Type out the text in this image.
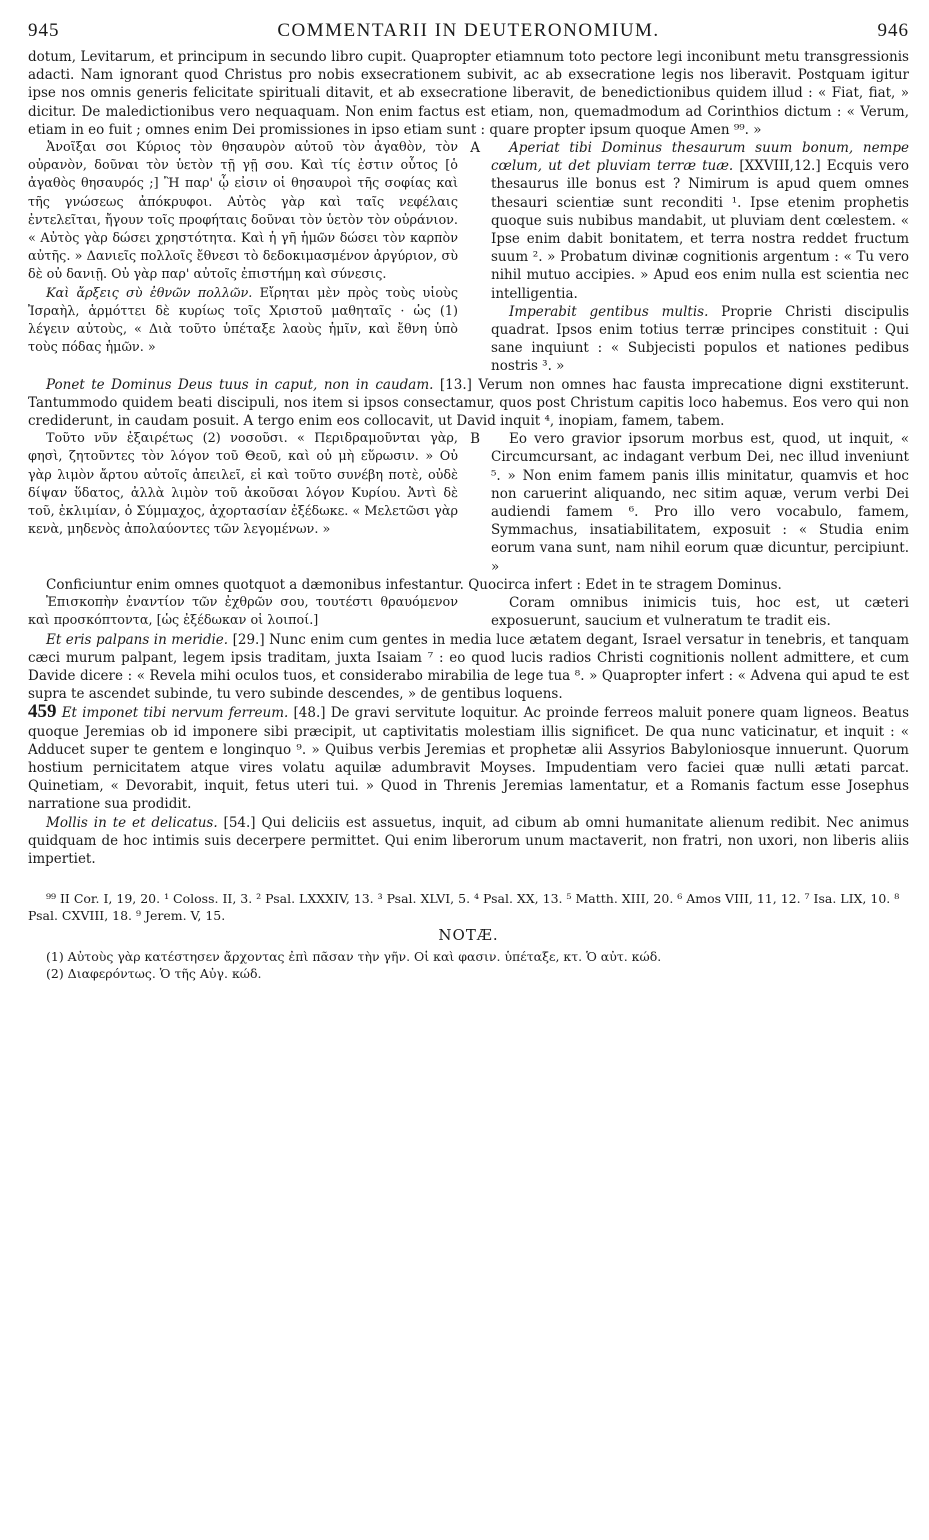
945	COMMENTARII IN DEUTERONOMIUM.	946

dotum, Levitarum, et principum in secundo libro cupit. Quapropter etiamnum toto pectore legi inconibunt metu transgressionis adacti. Nam ignorant quod Christus pro nobis exsecrationem subivit, ac ab exsecratione legis nos liberavit. Postquam igitur ipse nos omnis generis felicitate spirituali ditavit, et ab exsecratione liberavit, de benedictionibus quidem illud : « Fiat, fiat, » dicitur. De maledictionibus vero nequaquam. Non enim factus est etiam, non, quemadmodum ad Corinthios dictum : « Verum, etiam in eo fuit ; omnes enim Dei promissiones in ipso etiam sunt : quare propter ipsum quoque Amen ⁹⁹. »

A

Ἀνοῖξαι σοι Κύριος τὸν θησαυρὸν αὐτοῦ τὸν ἀγαθὸν, τὸν οὐρανὸν, δοῦναι τὸν ὑετὸν τῇ γῇ σου. Καὶ τίς ἐστιν οὗτος [ὁ ἀγαθὸς θησαυρός ;] Ἢ παρ' ᾧ εἰσιν οἱ θησαυροὶ τῆς σοφίας καὶ τῆς γνώσεως ἀπόκρυφοι. Αὐτὸς γὰρ καὶ ταῖς νεφέλαις ἐντελεῖται, ἤγουν τοῖς προφήταις δοῦναι τὸν ὑετὸν τὸν οὐράνιον. « Αὐτὸς γὰρ δώσει χρηστότητα. Καὶ ἡ γῆ ἡμῶν δώσει τὸν καρπὸν αὐτῆς. » Δανιεῖς πολλοῖς ἔθνεσι τὸ δεδοκιμασμένον ἀργύριον, σὺ δὲ οὐ δανιῇ. Οὐ γὰρ παρ' αὐτοῖς ἐπιστήμη καὶ σύνεσις.

Καὶ ἄρξεις σὺ ἐθνῶν πολλῶν. Εἴρηται μὲν πρὸς τοὺς υἱοὺς Ἰσραὴλ, ἁρμόττει δὲ κυρίως τοῖς Χριστοῦ μαθηταῖς · ὡς (1) λέγειν αὐτοὺς, « Διὰ τοῦτο ὑπέταξε λαοὺς ἡμῖν, καὶ ἔθνη ὑπὸ τοὺς πόδας ἡμῶν. »

Aperiat tibi Dominus thesaurum suum bonum, nempe cœlum, ut det pluviam terræ tuæ. [XXVIII,12.] Ecquis vero thesaurus ille bonus est ? Nimirum is apud quem omnes thesauri scientiæ sunt reconditi ¹. Ipse etenim prophetis quoque suis nubibus mandabit, ut pluviam dent cœlestem. « Ipse enim dabit bonitatem, et terra nostra reddet fructum suum ². » Probatum divinæ cognitionis argentum : « Tu vero nihil mutuo accipies. » Apud eos enim nulla est scientia nec intelligentia.

Imperabit gentibus multis. Proprie Christi discipulis quadrat. Ipsos enim totius terræ principes constituit : Qui sane inquiunt : « Subjecisti populos et nationes pedibus nostris ³. »

Ponet te Dominus Deus tuus in caput, non in caudam. [13.] Verum non omnes hac fausta imprecatione digni exstiterunt. Tantummodo quidem beati discipuli, nos item si ipsos consectamur, quos post Christum capitis loco habemus. Eos vero qui non crediderunt, in caudam posuit. A tergo enim eos collocavit, ut David inquit ⁴, inopiam, famem, tabem.

B

Τοῦτο νῦν ἐξαιρέτως (2) νοσοῦσι. « Περιδραμοῦνται γὰρ, φησὶ, ζητοῦντες τὸν λόγον τοῦ Θεοῦ, καὶ οὐ μὴ εὕρωσιν. » Οὐ γὰρ λιμὸν ἄρτου αὐτοῖς ἀπειλεῖ, εἰ καὶ τοῦτο συνέβη ποτὲ, οὐδὲ δίψαν ὕδατος, ἀλλὰ λιμὸν τοῦ ἀκοῦσαι λόγον Κυρίου. Ἀντὶ δὲ τοῦ, ἐκλιμίαν, ὁ Σύμμαχος, ἀχορτασίαν ἐξέδωκε. « Μελετῶσι γὰρ κενὰ, μηδενὸς ἀπολαύοντες τῶν λεγομένων. »

Eo vero gravior ipsorum morbus est, quod, ut inquit, « Circumcursant, ac indagant verbum Dei, nec illud inveniunt ⁵. » Non enim famem panis illis minitatur, quamvis et hoc non caruerint aliquando, nec sitim aquæ, verum verbi Dei audiendi famem ⁶. Pro illo vero vocabulo, famem, Symmachus, insatiabilitatem, exposuit : « Studia enim eorum vana sunt, nam nihil eorum quæ dicuntur, percipiunt. »

Conficiuntur enim omnes quotquot a dæmonibus infestantur. Quocirca infert : Edet in te stragem Dominus.

Ἐπισκοπὴν ἐναντίον τῶν ἐχθρῶν σου, τουτέστι θραυόμενον καὶ προσκόπτοντα, [ὡς ἐξέδωκαν οἱ λοιποί.]

Coram omnibus inimicis tuis, hoc est, ut cæteri exposuerunt, saucium et vulneratum te tradit eis.

Et eris palpans in meridie. [29.] Nunc enim cum gentes in media luce ætatem degant, Israel versatur in tenebris, et tanquam cæci murum palpant, legem ipsis traditam, juxta Isaiam ⁷ : eo quod lucis radios Christi cognitionis nollent admittere, et cum Davide dicere : « Revela mihi oculos tuos, et considerabo mirabilia de lege tua ⁸. » Quapropter infert : « Advena qui apud te est supra te ascendet subinde, tu vero subinde descendes, » de gentibus loquens.

459 Et imponet tibi nervum ferreum. [48.] De gravi servitute loquitur. Ac proinde ferreos maluit ponere quam ligneos. Beatus quoque Jeremias ob id imponere sibi præcipit, ut captivitatis molestiam illis significet. De qua nunc vaticinatur, et inquit : « Adducet super te gentem e longinquo ⁹. » Quibus verbis Jeremias et prophetæ alii Assyrios Babyloniosque innuerunt. Quorum hostium pernicitatem atque vires volatu aquilæ adumbravit Moyses. Impudentiam vero faciei quæ nulli ætati parcat. Quinetiam, « Devorabit, inquit, fetus uteri tui. » Quod in Threnis Jeremias lamentatur, et a Romanis factum esse Josephus narratione sua prodidit.

Mollis in te et delicatus. [54.] Qui deliciis est assuetus, inquit, ad cibum ab omni humanitate alienum redibit. Nec animus quidquam de hoc intimis suis decerpere permittet. Qui enim liberorum unum mactaverit, non fratri, non uxori, non liberis aliis impertiet.

⁹⁹ II Cor. I, 19, 20. ¹ Coloss. II, 3. ² Psal. LXXXIV, 13. ³ Psal. XLVI, 5. ⁴ Psal. XX, 13. ⁵ Matth. XIII, 20. ⁶ Amos VIII, 11, 12. ⁷ Isa. LIX, 10. ⁸ Psal. CXVIII, 18. ⁹ Jerem. V, 15.

NOTÆ.

(1) Αὐτοὺς γὰρ κατέστησεν ἄρχοντας ἐπὶ πᾶσαν τὴν γῆν. Οἱ καὶ φασιν. ὑπέταξε, κτ. Ὁ αὐτ. κώδ.

(2) Διαφερόντως. Ὁ τῆς Αὐγ. κώδ.
